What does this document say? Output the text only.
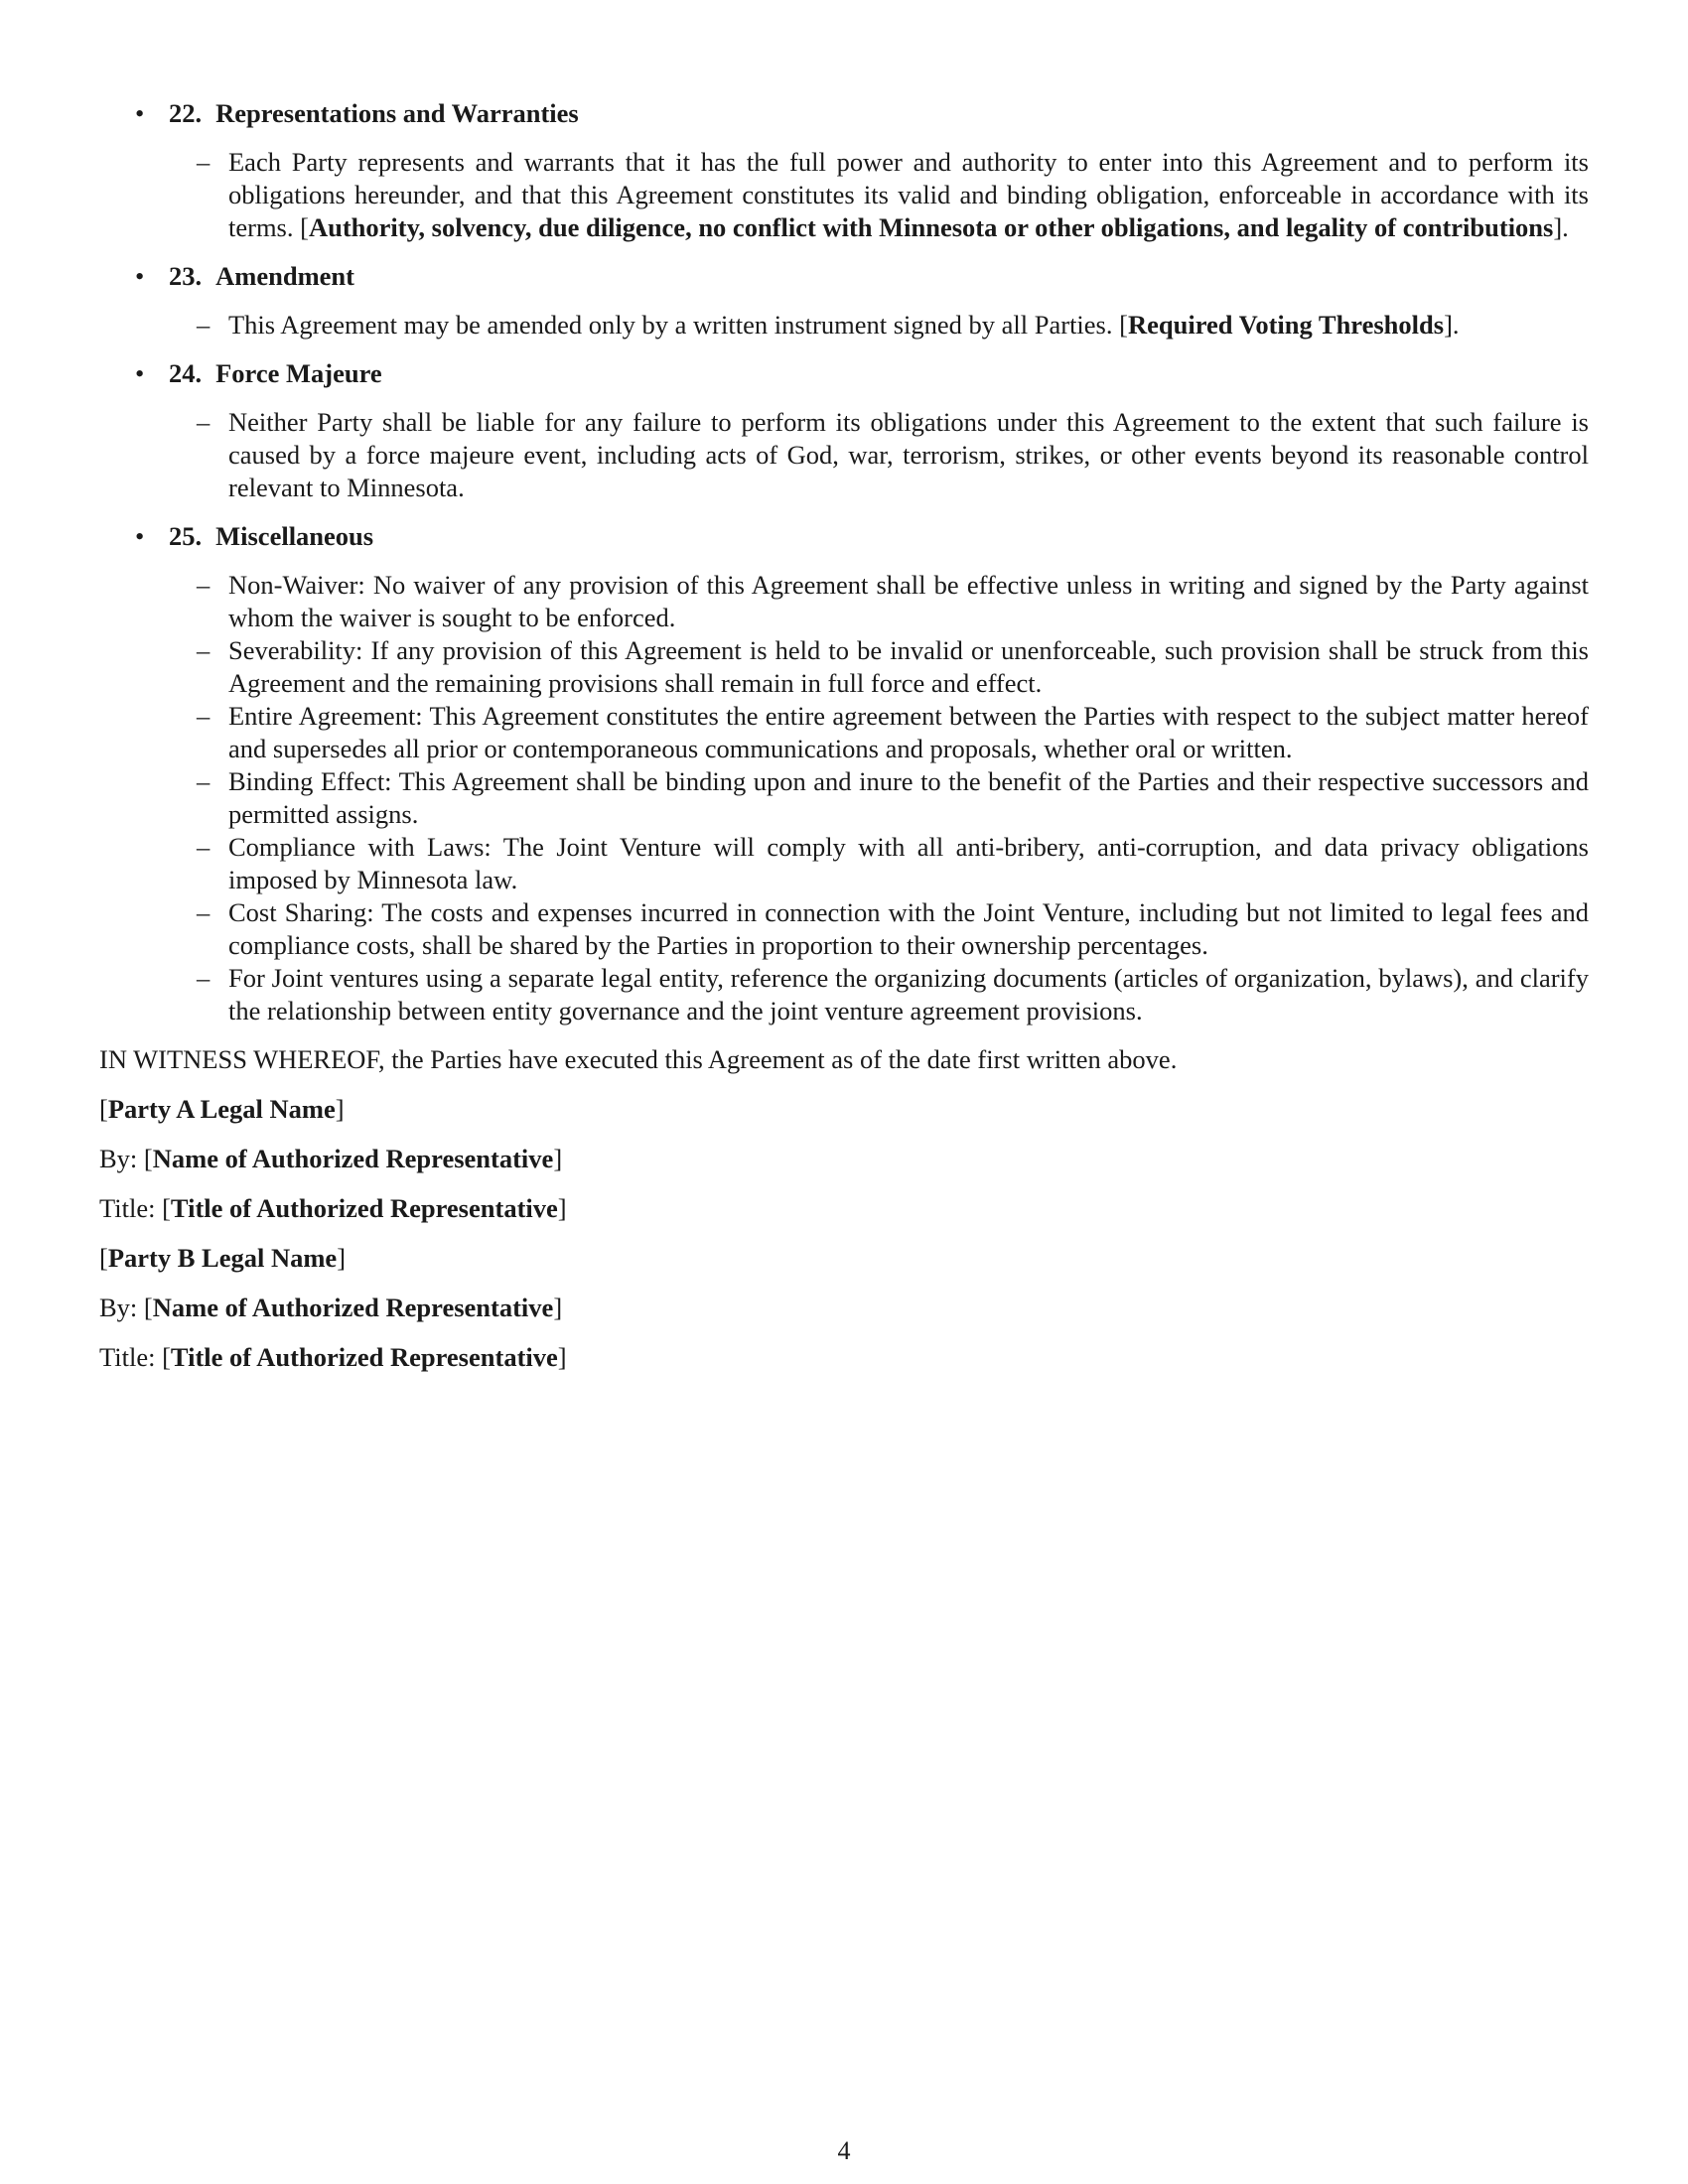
• 22. Representations and Warranties
– Each Party represents and warrants that it has the full power and authority to enter into this Agreement and to perform its obligations hereunder, and that this Agreement constitutes its valid and binding obligation, enforceable in accordance with its terms. [Authority, solvency, due diligence, no conflict with Minnesota or other obligations, and legality of contributions].
• 23. Amendment
– This Agreement may be amended only by a written instrument signed by all Parties. [Required Voting Thresholds].
• 24. Force Majeure
– Neither Party shall be liable for any failure to perform its obligations under this Agreement to the extent that such failure is caused by a force majeure event, including acts of God, war, terrorism, strikes, or other events beyond its reasonable control relevant to Minnesota.
• 25. Miscellaneous
– Non-Waiver: No waiver of any provision of this Agreement shall be effective unless in writing and signed by the Party against whom the waiver is sought to be enforced.
– Severability: If any provision of this Agreement is held to be invalid or unenforceable, such provision shall be struck from this Agreement and the remaining provisions shall remain in full force and effect.
– Entire Agreement: This Agreement constitutes the entire agreement between the Parties with respect to the subject matter hereof and supersedes all prior or contemporaneous communications and proposals, whether oral or written.
– Binding Effect: This Agreement shall be binding upon and inure to the benefit of the Parties and their respective successors and permitted assigns.
– Compliance with Laws: The Joint Venture will comply with all anti-bribery, anti-corruption, and data privacy obligations imposed by Minnesota law.
– Cost Sharing: The costs and expenses incurred in connection with the Joint Venture, including but not limited to legal fees and compliance costs, shall be shared by the Parties in proportion to their ownership percentages.
– For Joint ventures using a separate legal entity, reference the organizing documents (articles of organization, bylaws), and clarify the relationship between entity governance and the joint venture agreement provisions.

IN WITNESS WHEREOF, the Parties have executed this Agreement as of the date first written above.

[Party A Legal Name]

By: [Name of Authorized Representative]

Title: [Title of Authorized Representative]

[Party B Legal Name]

By: [Name of Authorized Representative]

Title: [Title of Authorized Representative]

4
